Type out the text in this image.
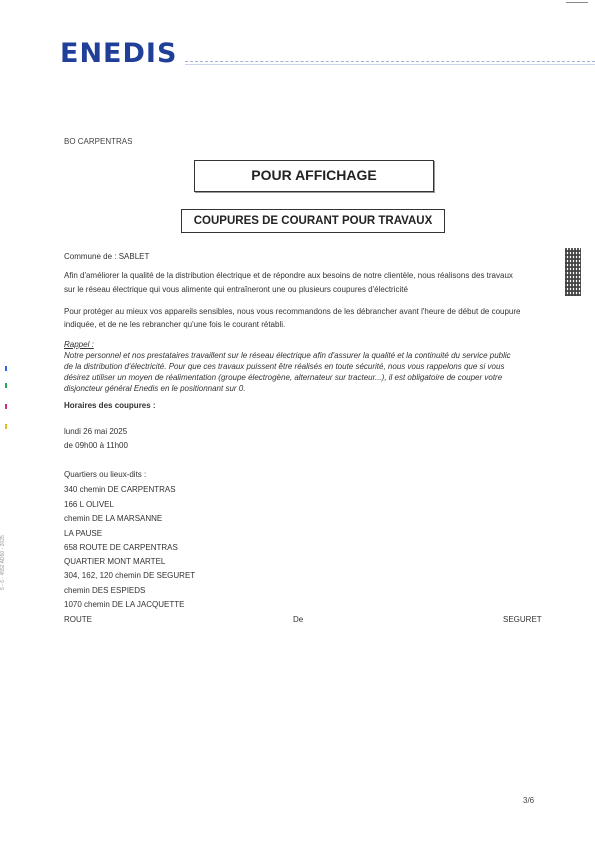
ENEDIS
BO CARPENTRAS
POUR AFFICHAGE
COUPURES DE COURANT POUR TRAVAUX
5 - 6 - 4552 AD50 - 2025
Commune de : SABLET
Afin d'améliorer la qualité de la distribution électrique et de répondre aux besoins de notre clientèle, nous réalisons des travaux
sur le réseau électrique qui vous alimente qui entraîneront une ou plusieurs coupures d'électricité
Pour protéger au mieux vos appareils sensibles, nous vous recommandons de les débrancher avant l'heure de début de coupure
indiquée, et de ne les rebrancher qu'une fois le courant rétabli.
Rappel :
Notre personnel et nos prestataires travaillent sur le réseau électrique afin d'assurer la qualité et la continuité du service public
de la distribution d'électricité. Pour que ces travaux puissent être réalisés en toute sécurité, nous vous rappelons que si vous
désirez utiliser un moyen de réalimentation (groupe électrogène, alternateur sur tracteur...), il est obligatoire de couper votre
disjoncteur général Enedis en le positionnant sur 0.
Horaires des coupures :
lundi 26 mai 2025
de 09h00 à 11h00
Quartiers ou lieux-dits :
340 chemin DE CARPENTRAS
166 L OLIVEL
chemin DE LA MARSANNE
LA PAUSE
658 ROUTE DE CARPENTRAS
QUARTIER MONT MARTEL
304, 162, 120 chemin DE SEGURET
chemin DES ESPIEDS
1070 chemin DE LA JACQUETTE
ROUTE	De	SEGURET
3/6
